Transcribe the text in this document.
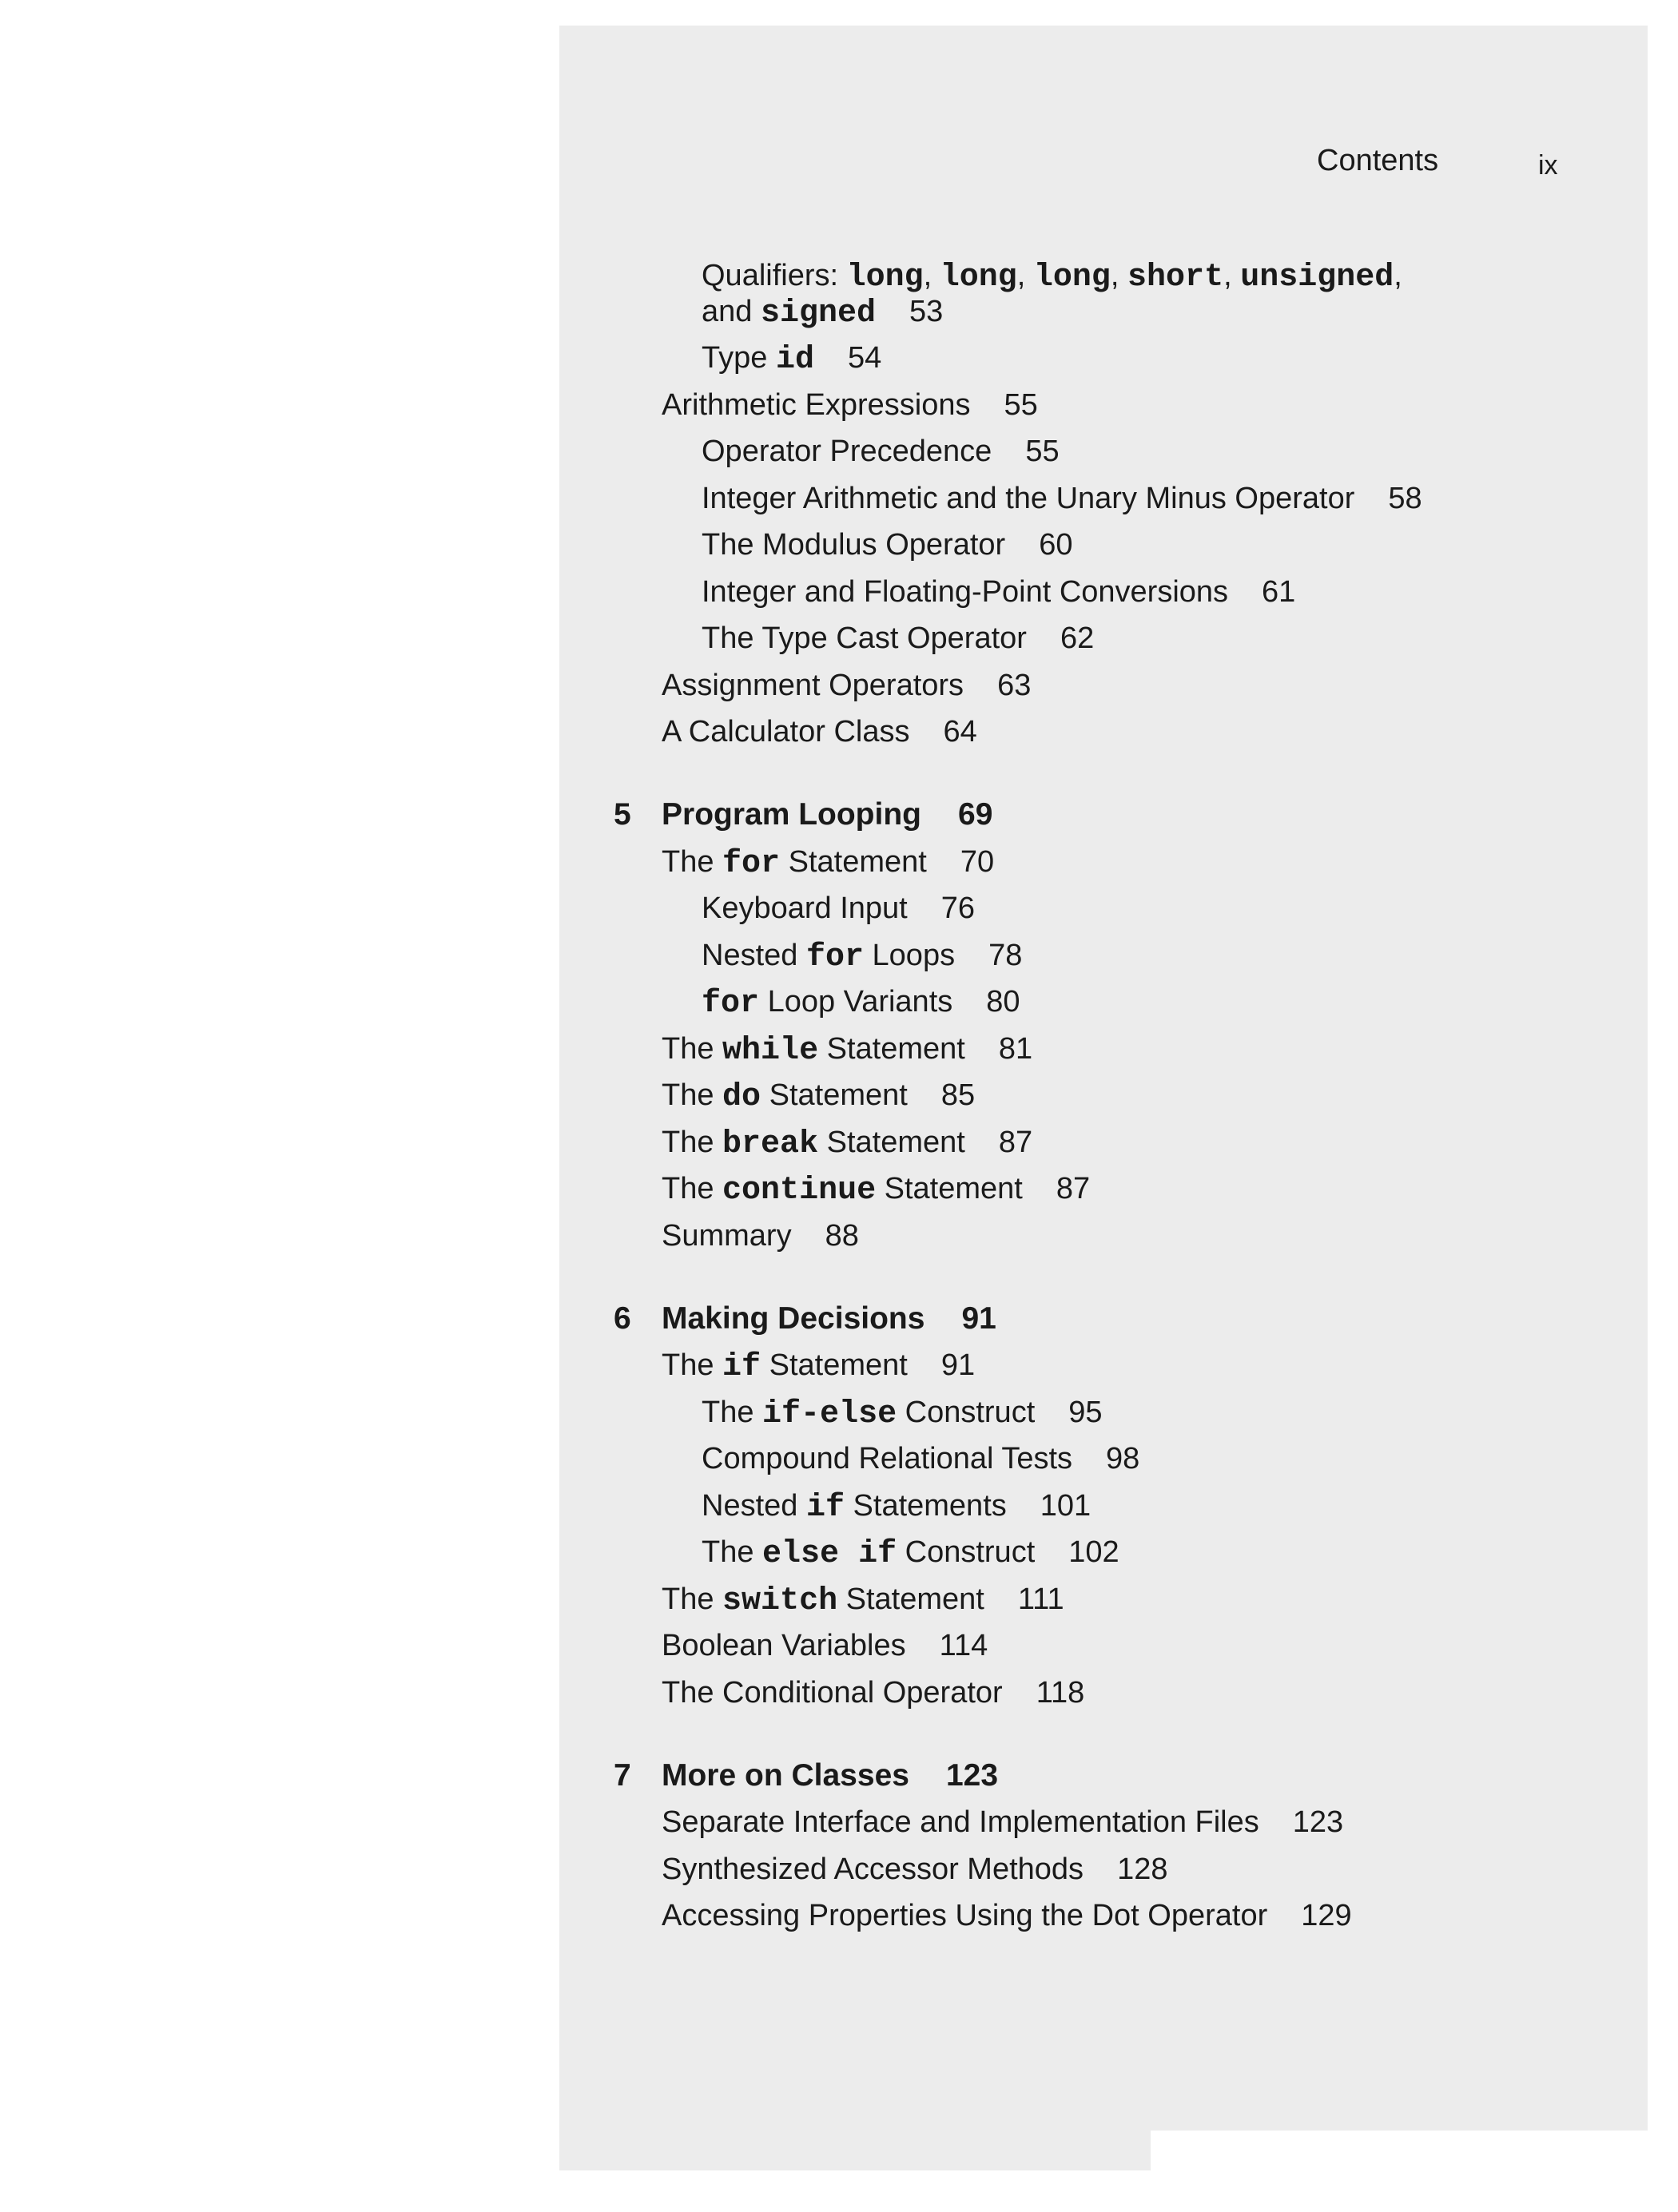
Contents	ix
Qualifiers: long, long, long, short, unsigned,
and signed 53
Type id 54
Arithmetic Expressions 55
Operator Precedence 55
Integer Arithmetic and the Unary Minus Operator 58
The Modulus Operator 60
Integer and Floating-Point Conversions 61
The Type Cast Operator 62
Assignment Operators 63
A Calculator Class 64
5 Program Looping 69
The for Statement 70
Keyboard Input 76
Nested for Loops 78
for Loop Variants 80
The while Statement 81
The do Statement 85
The break Statement 87
The continue Statement 87
Summary 88
6 Making Decisions 91
The if Statement 91
The if-else Construct 95
Compound Relational Tests 98
Nested if Statements 101
The else if Construct 102
The switch Statement 111
Boolean Variables 114
The Conditional Operator 118
7 More on Classes 123
Separate Interface and Implementation Files 123
Synthesized Accessor Methods 128
Accessing Properties Using the Dot Operator 129
